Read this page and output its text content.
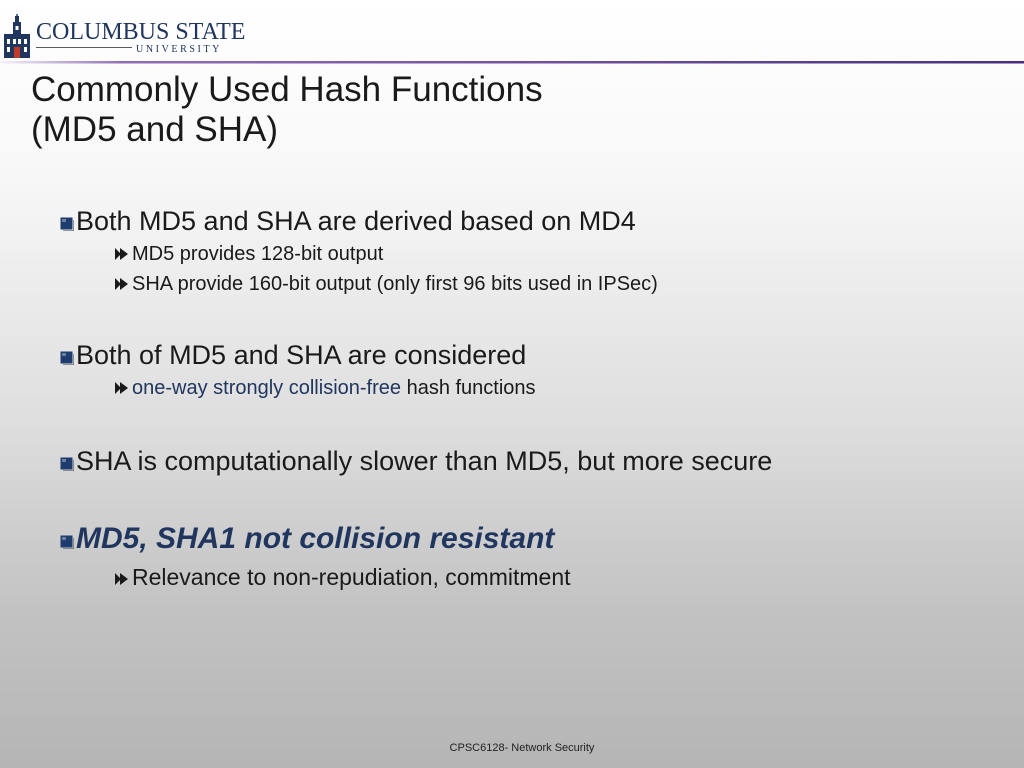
COLUMBUS STATE
UNIVERSITY
Commonly Used Hash Functions
(MD5 and SHA)
Both MD5 and SHA are derived based on MD4
MD5 provides 128-bit output
SHA provide 160-bit output (only first 96 bits used in IPSec)
Both of MD5 and SHA are considered
one-way strongly collision-free hash functions
SHA is computationally slower than MD5, but more secure
MD5, SHA1 not collision resistant
Relevance to non-repudiation, commitment
CPSC6128- Network Security
